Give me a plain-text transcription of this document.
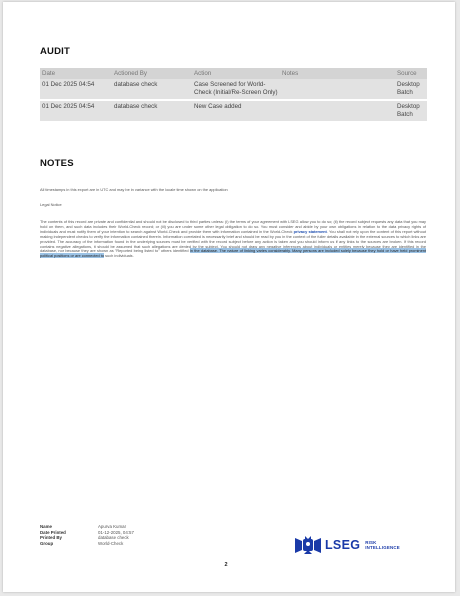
AUDIT
Date	Actioned By	Action	Notes	Source
01 Dec 2025 04:54	database check	Case Screened for World-Check (Initial/Re-Screen Only)		Desktop Batch

01 Dec 2025 04:54	database check	New Case added		Desktop Batch
NOTES
All timestamps in this export are in UTC and may be in variance with the locale time shown on the application
Legal Notice
The contents of this record are private and confidential and should not be disclosed to third parties unless: (i) the terms of your agreement with LSEG allow you to do so; (ii) the record subject requests any data that you may hold on them, and such data includes their World-Check record; or (iii) you are under some other legal obligation to do so. You must consider and abide by your own obligations in relation to the data privacy rights of individuals and must notify them of your intention to search against World-Check and provide them with information contained in the World-Check privacy statement. You shall not rely upon the content of this report without making independent checks to verify the information contained therein. Information correlated is necessarily brief and should be read by you in the context of the fuller details available in the external sources to which links are provided. The accuracy of the information found in the underlying sources must be verified with the record subject before any action is taken and you should inform us if any links to the sources are broken. If this record contains negative allegations, it should be assumed that such allegations are denied by the subject. You should not draw any negative inferences about individuals or entities merely because they are identified in the database, nor because they are shown as "Reported being listed to" others identified in the database. The nature of linking varies considerably. Many persons are included solely because they hold or have held prominent political positions or are connected to such individuals.
Name	Apurva Kumar
Date Printed	01-12-2025, 04:57
Printed By	database check
Group	World-Check	LSEG RISK
INTELLIGENCE
2
